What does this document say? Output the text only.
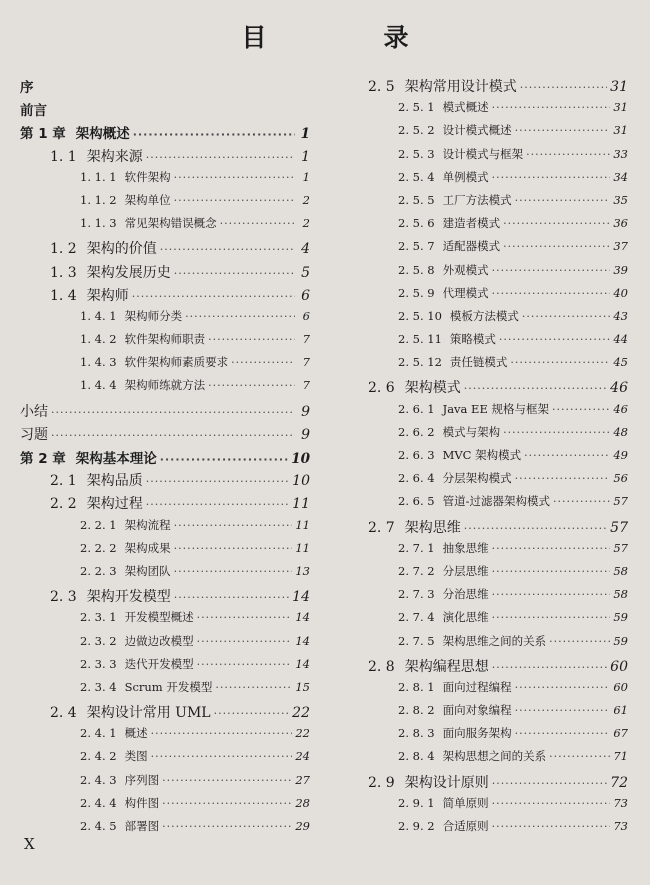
目　录
序
前言
第 1 章 架构概述 ·····	1
1. 1 架构来源 ·····	1
1. 1. 1 软件架构 ·····	1
1. 1. 2 架构单位 ·····	2
1. 1. 3 常见架构错误概念 ·····	2
1. 2 架构的价值 ·····	4
1. 3 架构发展历史 ·····	5
1. 4 架构师 ·····	6
1. 4. 1 架构师分类 ·····	6
1. 4. 2 软件架构师职责 ·····	7
1. 4. 3 软件架构师素质要求 ·····	7
1. 4. 4 架构师练就方法 ·····	7
小结 ·····	9
习题 ·····	9
第 2 章 架构基本理论 ·····	10
2. 1 架构品质 ·····	10
2. 2 架构过程 ·····	11
2. 2. 1 架构流程 ·····	11
2. 2. 2 架构成果 ·····	11
2. 2. 3 架构团队 ·····	13
2. 3 架构开发模型 ·····	14
2. 3. 1 开发模型概述 ·····	14
2. 3. 2 边做边改模型 ·····	14
2. 3. 3 迭代开发模型 ·····	14
2. 3. 4 Scrum 开发模型 ·····	15
2. 4 架构设计常用 UML ·····	22
2. 4. 1 概述 ·····	22
2. 4. 2 类图 ·····	24
2. 4. 3 序列图 ·····	27
2. 4. 4 构件图 ·····	28
2. 4. 5 部署图 ·····	29
2. 5 架构常用设计模式 ·····	31
2. 5. 1 模式概述 ·····	31
2. 5. 2 设计模式概述 ·····	31
2. 5. 3 设计模式与框架 ·····	33
2. 5. 4 单例模式 ·····	34
2. 5. 5 工厂方法模式 ·····	35
2. 5. 6 建造者模式 ·····	36
2. 5. 7 适配器模式 ·····	37
2. 5. 8 外观模式 ·····	39
2. 5. 9 代理模式 ·····	40
2. 5. 10 模板方法模式 ·····	43
2. 5. 11 策略模式 ·····	44
2. 5. 12 责任链模式 ·····	45
2. 6 架构模式 ·····	46
2. 6. 1 Java EE 规格与框架 ·····	46
2. 6. 2 模式与架构 ·····	48
2. 6. 3 MVC 架构模式 ·····	49
2. 6. 4 分层架构模式 ·····	56
2. 6. 5 管道-过滤器架构模式 ·····	57
2. 7 架构思维 ·····	57
2. 7. 1 抽象思维 ·····	57
2. 7. 2 分层思维 ·····	58
2. 7. 3 分治思维 ·····	58
2. 7. 4 演化思维 ·····	59
2. 7. 5 架构思维之间的关系 ·····	59
2. 8 架构编程思想 ·····	60
2. 8. 1 面向过程编程 ·····	60
2. 8. 2 面向对象编程 ·····	61
2. 8. 3 面向服务架构 ·····	67
2. 8. 4 架构思想之间的关系 ·····	71
2. 9 架构设计原则 ·····	72
2. 9. 1 简单原则 ·····	73
2. 9. 2 合适原则 ·····	73
X
